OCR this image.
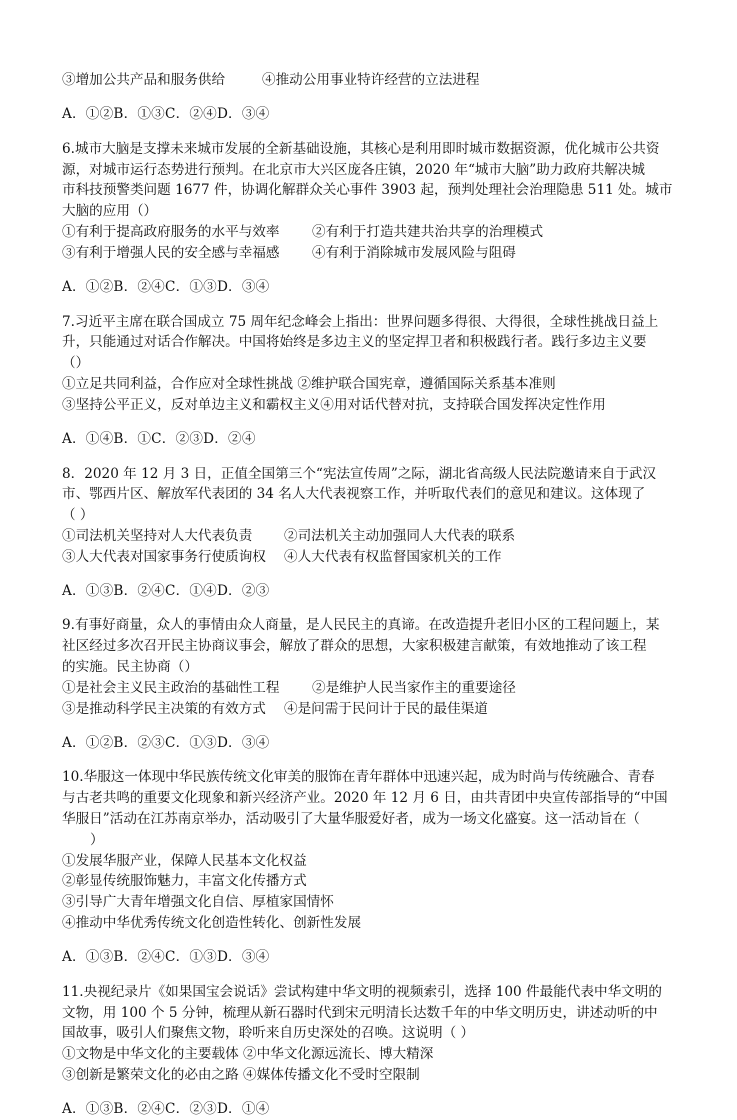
③增加公共产品和服务供给	④推动公用事业特许经营的立法进程

A．①②B．①③C．②④D．③④

6.城市大脑是支撑未来城市发展的全新基础设施，其核心是利用即时城市数据资源，优化城市公共资

源，对城市运行态势进行预判。在北京市大兴区庞各庄镇，2020 年“城市大脑”助力政府共解决城

市科技预警类问题 1677 件，协调化解群众关心事件 3903 起，预判处理社会治理隐患 511 处。城市

大脑的应用（）

①有利于提高政府服务的水平与效率	②有利于打造共建共治共享的治理模式
③有利于增强人民的安全感与幸福感	④有利于消除城市发展风险与阻碍

A．①②B．②④C．①③D．③④

7.习近平主席在联合国成立 75 周年纪念峰会上指出：世界问题多得很、大得很，全球性挑战日益上

升，只能通过对话合作解决。中国将始终是多边主义的坚定捍卫者和积极践行者。践行多边主义要

（）

①立足共同利益，合作应对全球性挑战 ②维护联合国宪章，遵循国际关系基本准则

③坚持公平正义，反对单边主义和霸权主义④用对话代替对抗，支持联合国发挥决定性作用

A．①④B．①C．②③D．②④

8．2020 年 12 月 3 日，正值全国第三个“宪法宣传周”之际，湖北省高级人民法院邀请来自于武汉

市、鄂西片区、解放军代表团的 34 名人大代表视察工作，并听取代表们的意见和建议。这体现了

（ ）

①司法机关坚持对人大代表负责	②司法机关主动加强同人大代表的联系
③人大代表对国家事务行使质询权	④人大代表有权监督国家机关的工作

A．①③B．②④C．①④D．②③

9.有事好商量，众人的事情由众人商量，是人民民主的真谛。在改造提升老旧小区的工程问题上，某

社区经过多次召开民主协商议事会，解放了群众的思想，大家积极建言献策，有效地推动了该工程

的实施。民主协商（）

①是社会主义民主政治的基础性工程	②是维护人民当家作主的重要途径
③是推动科学民主决策的有效方式	④是问需于民问计于民的最佳渠道

A．①②B．②③C．①③D．③④

10.华服这一体现中华民族传统文化审美的服饰在青年群体中迅速兴起，成为时尚与传统融合、青春

与古老共鸣的重要文化现象和新兴经济产业。2020 年 12 月 6 日，由共青团中央宣传部指导的“中国

华服日”活动在江苏南京举办，活动吸引了大量华服爱好者，成为一场文化盛宴。这一活动旨在（

）

①发展华服产业，保障人民基本文化权益

②彰显传统服饰魅力，丰富文化传播方式

③引导广大青年增强文化自信、厚植家国情怀

④推动中华优秀传统文化创造性转化、创新性发展

A．①③B．②④C．①③D．③④

11.央视纪录片《如果国宝会说话》尝试构建中华文明的视频索引，选择 100 件最能代表中华文明的

文物，用 100 个 5 分钟，梳理从新石器时代到宋元明清长达数千年的中华文明历史，讲述动听的中

国故事，吸引人们聚焦文物，聆听来自历史深处的召唤。这说明（ ）

①文物是中华文化的主要载体 ②中华文化源远流长、博大精深

③创新是繁荣文化的必由之路 ④媒体传播文化不受时空限制

A．①③B．②④C．②③D．①④
